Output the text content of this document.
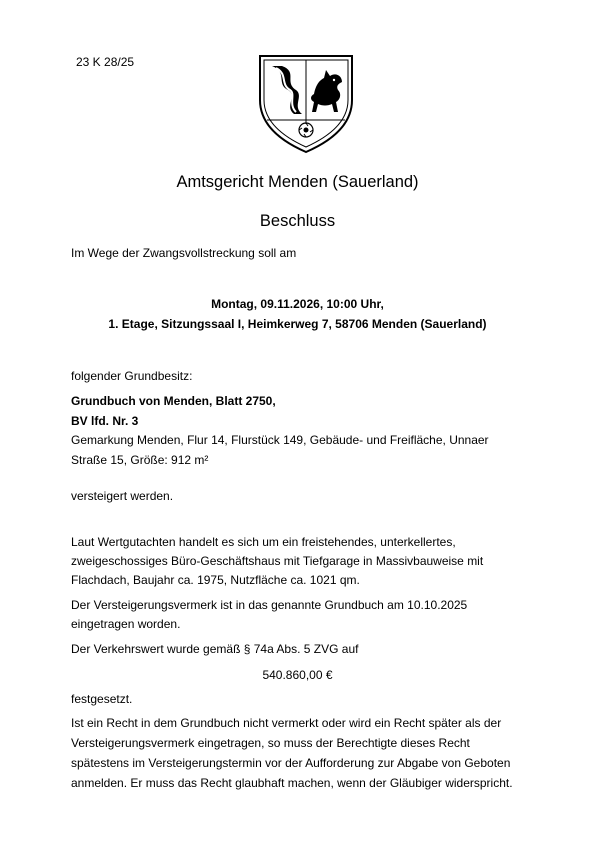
23 K 28/25
Amtsgericht Menden (Sauerland)
Beschluss
Im Wege der Zwangsvollstreckung soll am
Montag, 09.11.2026, 10:00 Uhr,
1. Etage, Sitzungssaal I, Heimkerweg 7, 58706 Menden (Sauerland)
folgender Grundbesitz:
Grundbuch von Menden, Blatt 2750,
BV lfd. Nr. 3
Gemarkung Menden, Flur 14, Flurstück 149, Gebäude- und Freifläche, Unnaer
Straße 15, Größe: 912 m²
versteigert werden.
Laut Wertgutachten handelt es sich um ein freistehendes, unterkellertes,
zweigeschossiges Büro-Geschäftshaus mit Tiefgarage in Massivbauweise mit
Flachdach, Baujahr ca. 1975, Nutzfläche ca. 1021 qm.
Der Versteigerungsvermerk ist in das genannte Grundbuch am 10.10.2025
eingetragen worden.
Der Verkehrswert wurde gemäß § 74a Abs. 5 ZVG auf
540.860,00 €
festgesetzt.
Ist ein Recht in dem Grundbuch nicht vermerkt oder wird ein Recht später als der
Versteigerungsvermerk eingetragen, so muss der Berechtigte dieses Recht
spätestens im Versteigerungstermin vor der Aufforderung zur Abgabe von Geboten
anmelden. Er muss das Recht glaubhaft machen, wenn der Gläubiger widerspricht.
